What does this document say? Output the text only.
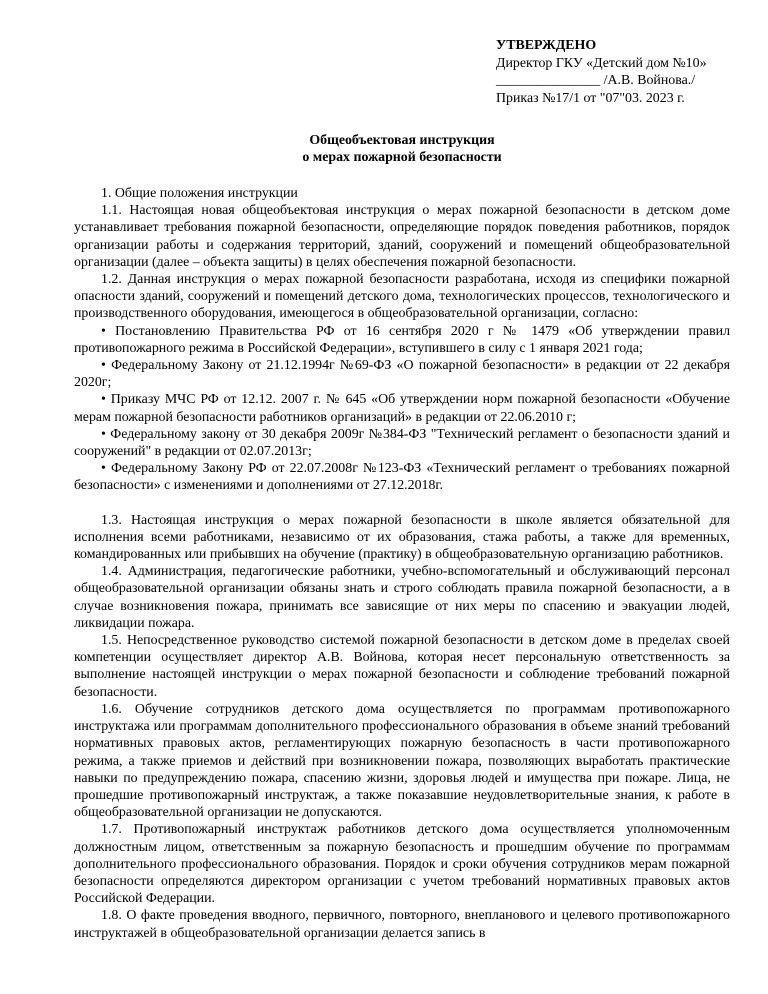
УТВЕРЖДЕНО
Директор ГКУ «Детский дом №10»
_______________ /А.В. Войнова./
Приказ №17/1 от "07"03. 2023 г.
Общеобъектовая инструкция
о мерах пожарной безопасности

1. Общие положения инструкции

1.1. Настоящая новая общеобъектовая инструкция о мерах пожарной безопасности в детском доме устанавливает требования пожарной безопасности, определяющие порядок поведения работников, порядок организации работы и содержания территорий, зданий, сооружений и помещений общеобразовательной организации (далее – объекта защиты) в целях обеспечения пожарной безопасности.

1.2. Данная инструкция о мерах пожарной безопасности разработана, исходя из специфики пожарной опасности зданий, сооружений и помещений детского дома, технологических процессов, технологического и производственного оборудования, имеющегося в общеобразовательной организации, согласно:

• Постановлению Правительства РФ от 16 сентября 2020 г № 1479 «Об утверждении правил противопожарного режима в Российской Федерации», вступившего в силу с 1 января 2021 года;

• Федеральному Закону от 21.12.1994г №69-ФЗ «О пожарной безопасности» в редакции от 22 декабря 2020г;

• Приказу МЧС РФ от 12.12. 2007 г. № 645 «Об утверждении норм пожарной безопасности «Обучение мерам пожарной безопасности работников организаций» в редакции от 22.06.2010 г;

• Федеральному закону от 30 декабря 2009г №384-ФЗ "Технический регламент о безопасности зданий и сооружений" в редакции от 02.07.2013г;

• Федеральному Закону РФ от 22.07.2008г №123-ФЗ «Технический регламент о требованиях пожарной безопасности» с изменениями и дополнениями от 27.12.2018г.

1.3. Настоящая инструкция о мерах пожарной безопасности в школе является обязательной для исполнения всеми работниками, независимо от их образования, стажа работы, а также для временных, командированных или прибывших на обучение (практику) в общеобразовательную организацию работников.

1.4. Администрация, педагогические работники, учебно-вспомогательный и обслуживающий персонал общеобразовательной организации обязаны знать и строго соблюдать правила пожарной безопасности, а в случае возникновения пожара, принимать все зависящие от них меры по спасению и эвакуации людей, ликвидации пожара.

1.5. Непосредственное руководство системой пожарной безопасности в детском доме в пределах своей компетенции осуществляет директор А.В. Войнова, которая несет персональную ответственность за выполнение настоящей инструкции о мерах пожарной безопасности и соблюдение требований пожарной безопасности.

1.6. Обучение сотрудников детского дома осуществляется по программам противопожарного инструктажа или программам дополнительного профессионального образования в объеме знаний требований нормативных правовых актов, регламентирующих пожарную безопасность в части противопожарного режима, а также приемов и действий при возникновении пожара, позволяющих выработать практические навыки по предупреждению пожара, спасению жизни, здоровья людей и имущества при пожаре. Лица, не прошедшие противопожарный инструктаж, а также показавшие неудовлетворительные знания, к работе в общеобразовательной организации не допускаются.

1.7. Противопожарный инструктаж работников детского дома осуществляется уполномоченным должностным лицом, ответственным за пожарную безопасность и прошедшим обучение по программам дополнительного профессионального образования. Порядок и сроки обучения сотрудников мерам пожарной безопасности определяются директором организации с учетом требований нормативных правовых актов Российской Федерации.

1.8. О факте проведения вводного, первичного, повторного, внепланового и целевого противопожарного инструктажей в общеобразовательной организации делается запись в
